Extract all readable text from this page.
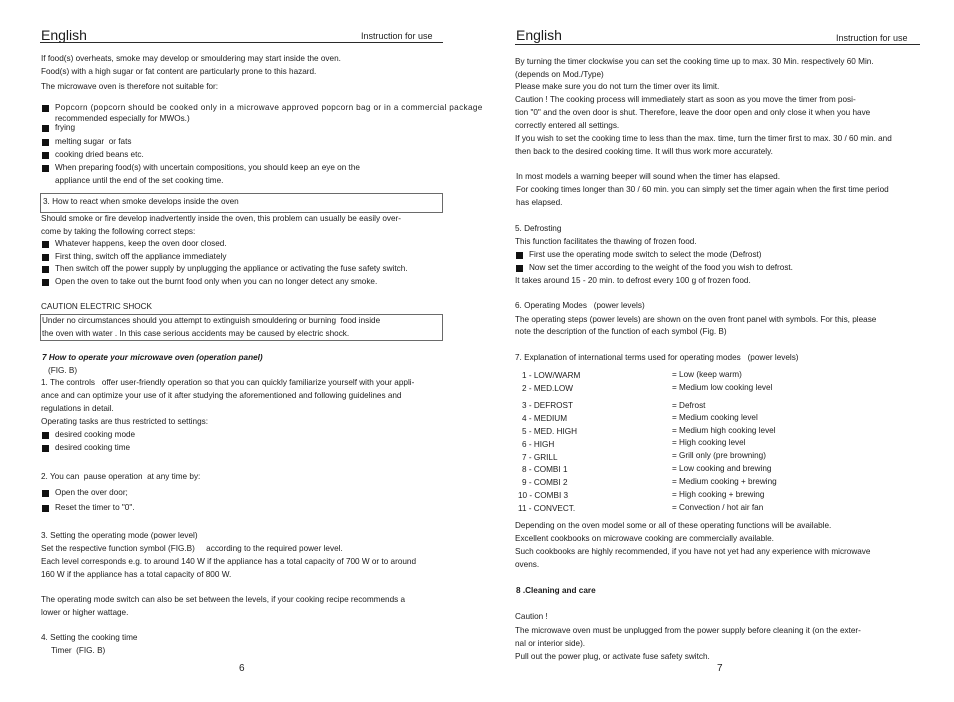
English	Instruction for use
If food(s) overheats, smoke may develop or smouldering may start inside the oven.
Food(s) with a high sugar or fat content are particularly prone to this hazard.
The microwave oven is therefore not suitable for:

Popcorn (popcorn should be cooked only in a microwave approved popcorn bag or in a commercial package

recommended especially for MWOs.)

frying

melting sugar  or fats

cooking dried beans etc.

When preparing food(s) with uncertain compositions, you should keep an eye on the

appliance until the end of the set cooking time.
3. How to react when smoke develops inside the oven
Should smoke or fire develop inadvertently inside the oven, this problem can usually be easily over-
come by taking the following correct steps:

Whatever happens, keep the oven door closed.

First thing, switch off the appliance immediately

Then switch off the power supply by unplugging the appliance or activating the fuse safety switch.

Open the oven to take out the burnt food only when you can no longer detect any smoke.

CAUTION ELECTRIC SHOCK
Under no circumstances should you attempt to extinguish smouldering or burning  food inside
the oven with water . In this case serious accidents may be caused by electric shock.
7 How to operate your microwave oven (operation panel)
(FIG. B)
1. The controls   offer user-friendly operation so that you can quickly familiarize yourself with your appli-
ance and can optimize your use of it after studying the aforementioned and following guidelines and
regulations in detail.
Operating tasks are thus restricted to settings:

desired cooking mode

desired cooking time

2. You can  pause operation  at any time by:

Open the over door;

Reset the timer to "0".

3. Setting the operating mode (power level)
Set the respective function symbol (FIG.B)     according to the required power level.
Each level corresponds e.g. to around 140 W if the appliance has a total capacity of 700 W or to around
160 W if the appliance has a total capacity of 800 W.
The operating mode switch can also be set between the levels, if your cooking recipe recommends a
lower or higher wattage.
4. Setting the cooking time
Timer  (FIG. B)
6
English	Instruction for use
By turning the timer clockwise you can set the cooking time up to max. 30 Min. respectively 60 Min.
(depends on Mod./Type)
Please make sure you do not turn the timer over its limit.
Caution ! The cooking process will immediately start as soon as you move the timer from posi-
tion "0" and the oven door is shut. Therefore, leave the door open and only close it when you have
correctly entered all settings.
If you wish to set the cooking time to less than the max. time, turn the timer first to max. 30 / 60 min. and
then back to the desired cooking time. It will thus work more accurately.
In most models a warning beeper will sound when the timer has elapsed.
For cooking times longer than 30 / 60 min. you can simply set the timer again when the first time period
has elapsed.
5. Defrosting
This function facilitates the thawing of frozen food.

First use the operating mode switch to select the mode (Defrost)

Now set the timer according to the weight of the food you wish to defrost.

It takes around 15 - 20 min. to defrost every 100 g of frozen food.
6. Operating Modes   (power levels)
The operating steps (power levels) are shown on the oven front panel with symbols. For this, please
note the description of the function of each symbol (Fig. B)
7. Explanation of international terms used for operating modes   (power levels)
1 - LOW/WARM	= Low (keep warm)
2 - MED.LOW	= Medium low cooking level
3 - DEFROST	= Defrost
4 - MEDIUM	= Medium cooking level
5 - MED. HIGH	= Medium high cooking level
6 - HIGH	= High cooking level
7 - GRILL	= Grill only (pre browning)
8 - COMBI 1	= Low cooking and brewing
9 - COMBI 2	= Medium cooking + brewing
10 - COMBI 3	= High cooking + brewing
11 - CONVECT.	= Convection / hot air fan
Depending on the oven model some or all of these operating functions will be available.
Excellent cookbooks on microwave cooking are commercially available.
Such cookbooks are highly recommended, if you have not yet had any experience with microwave
ovens.
8 .Cleaning and care
Caution !
The microwave oven must be unplugged from the power supply before cleaning it (on the exter-
nal or interior side).
Pull out the power plug, or activate fuse safety switch.
7
